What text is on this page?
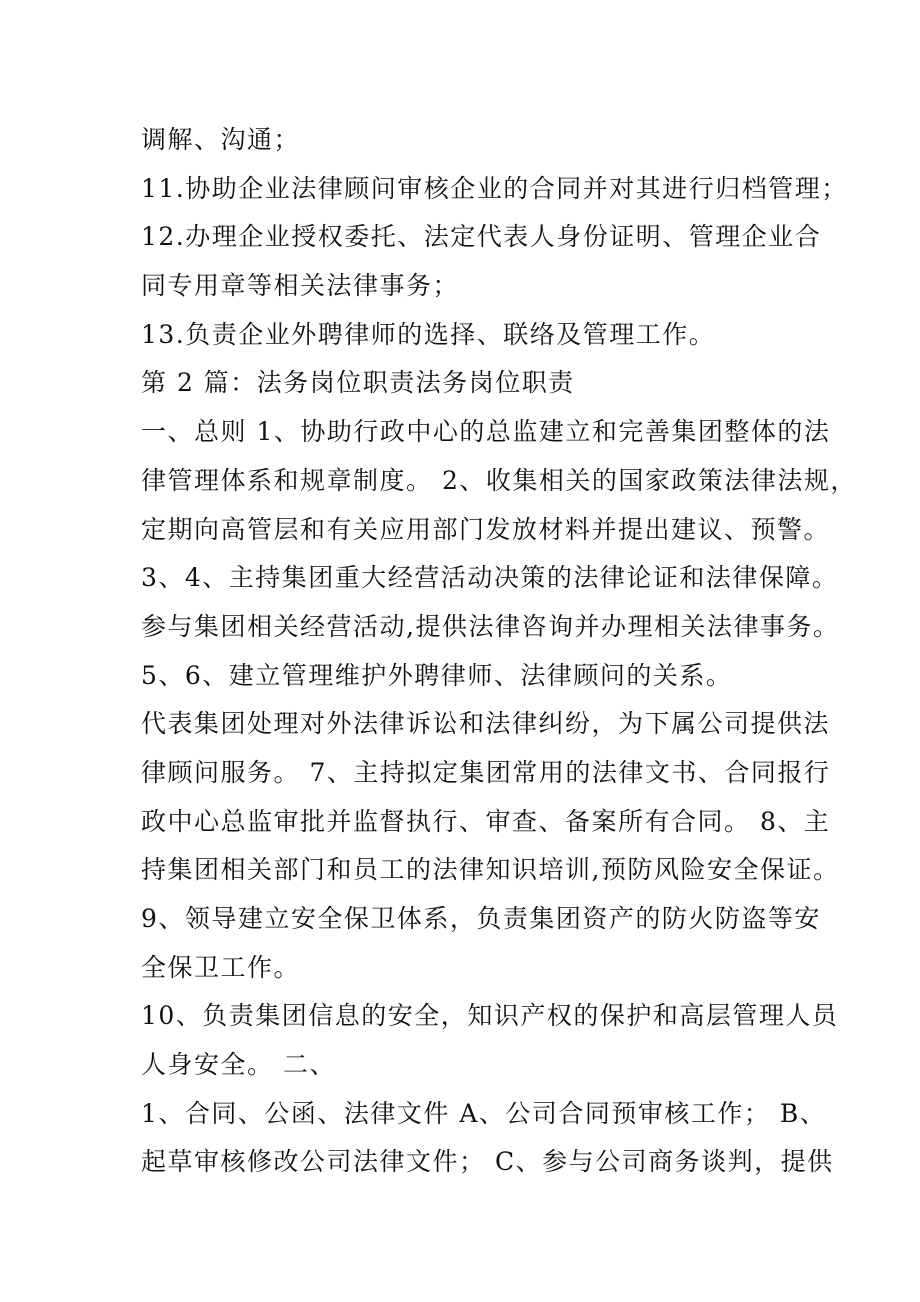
调解、沟通；
11.协助企业法律顾问审核企业的合同并对其进行归档管理；
12.办理企业授权委托、法定代表人身份证明、管理企业合
同专用章等相关法律事务；
13.负责企业外聘律师的选择、联络及管理工作。
第 2 篇：法务岗位职责法务岗位职责
一、总则 1、协助行政中心的总监建立和完善集团整体的法
律管理体系和规章制度。 2、收集相关的国家政策法律法规，
定期向高管层和有关应用部门发放材料并提出建议、预警。
3、4、主持集团重大经营活动决策的法律论证和法律保障。
参与集团相关经营活动,提供法律咨询并办理相关法律事务。
5、6、建立管理维护外聘律师、法律顾问的关系。
代表集团处理对外法律诉讼和法律纠纷，为下属公司提供法
律顾问服务。 7、主持拟定集团常用的法律文书、合同报行
政中心总监审批并监督执行、审查、备案所有合同。 8、主
持集团相关部门和员工的法律知识培训,预防风险安全保证。
9、领导建立安全保卫体系，负责集团资产的防火防盗等安
全保卫工作。
10、负责集团信息的安全，知识产权的保护和高层管理人员
人身安全。 二、
1、合同、公函、法律文件 A、公司合同预审核工作； B、
起草审核修改公司法律文件； C、参与公司商务谈判，提供
